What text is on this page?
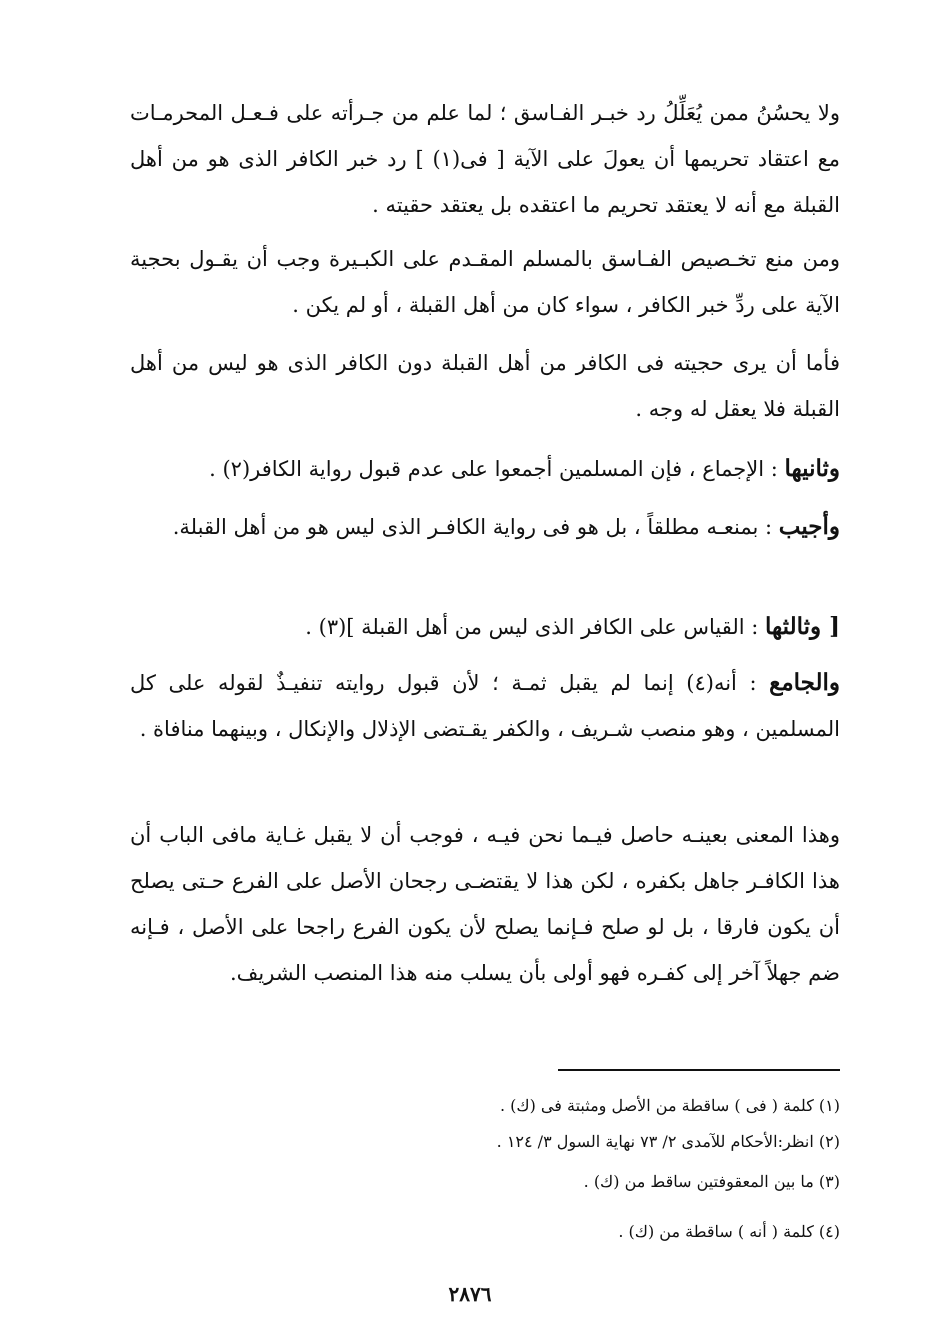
ولا يحسُنُ ممن يُعَلِّلُ رد خبـر الفـاسق ؛ لما علم من جـرأته على فـعـل المحرمـات مع اعتقاد تحريمها أن يعولَ على الآية [ فى(١) ] رد خبر الكافر الذى هو من أهل القبلة مع أنه لا يعتقد تحريم ما اعتقده بل يعتقد حقيته .

ومن منع تخـصيص الفـاسق بالمسلم المقـدم على الكبـيرة وجب أن يقـول بحجية الآية على ردِّ خبر الكافر ، سواء كان من أهل القبلة ، أو لم يكن .

فأما أن يرى حجيته فى الكافر من أهل القبلة دون الكافر الذى هو ليس من أهل القبلة فلا يعقل له وجه .

وثانيها : الإجماع ، فإن المسلمين أجمعوا على عدم قبول رواية الكافر(٢) .

وأجيب : بمنعـه مطلقاً ، بل هو فى رواية الكافـر الذى ليس هو من أهل القبلة.

[ وثالثها : القياس على الكافر الذى ليس من أهل القبلة ](٣) .

والجامع : أنه(٤) إنما لم يقبل ثمـة ؛ لأن قبول روايته تنفيـذٌ لقوله على كل المسلمين ، وهو منصب شـريف ، والكفر يقـتضى الإذلال والإنكال ، وبينهما منافاة .

وهذا المعنى بعينـه حاصل فيـما نحن فيـه ، فوجب أن لا يقبل غـاية مافى الباب أن هذا الكافـر جاهل بكفره ، لكن هذا لا يقتضـى رجحان الأصل على الفرع حـتى يصلح أن يكون فارقا ، بل لو صلح فـإنما يصلح لأن يكون الفرع راجحا على الأصل ، فـإنه ضم جهلاً آخر إلى كفـره فهو أولى بأن يسلب منه هذا المنصب الشريف.

(١) كلمة ( فى ) ساقطة من الأصل ومثبتة فى (ك) .

(٢) انظر:الأحكام للآمدى ٢/ ٧٣ نهاية السول ٣/ ١٢٤ .

(٣) ما بين المعقوفتين ساقط من (ك) .

(٤) كلمة ( أنه ) ساقطة من (ك) .

٢٨٧٦
